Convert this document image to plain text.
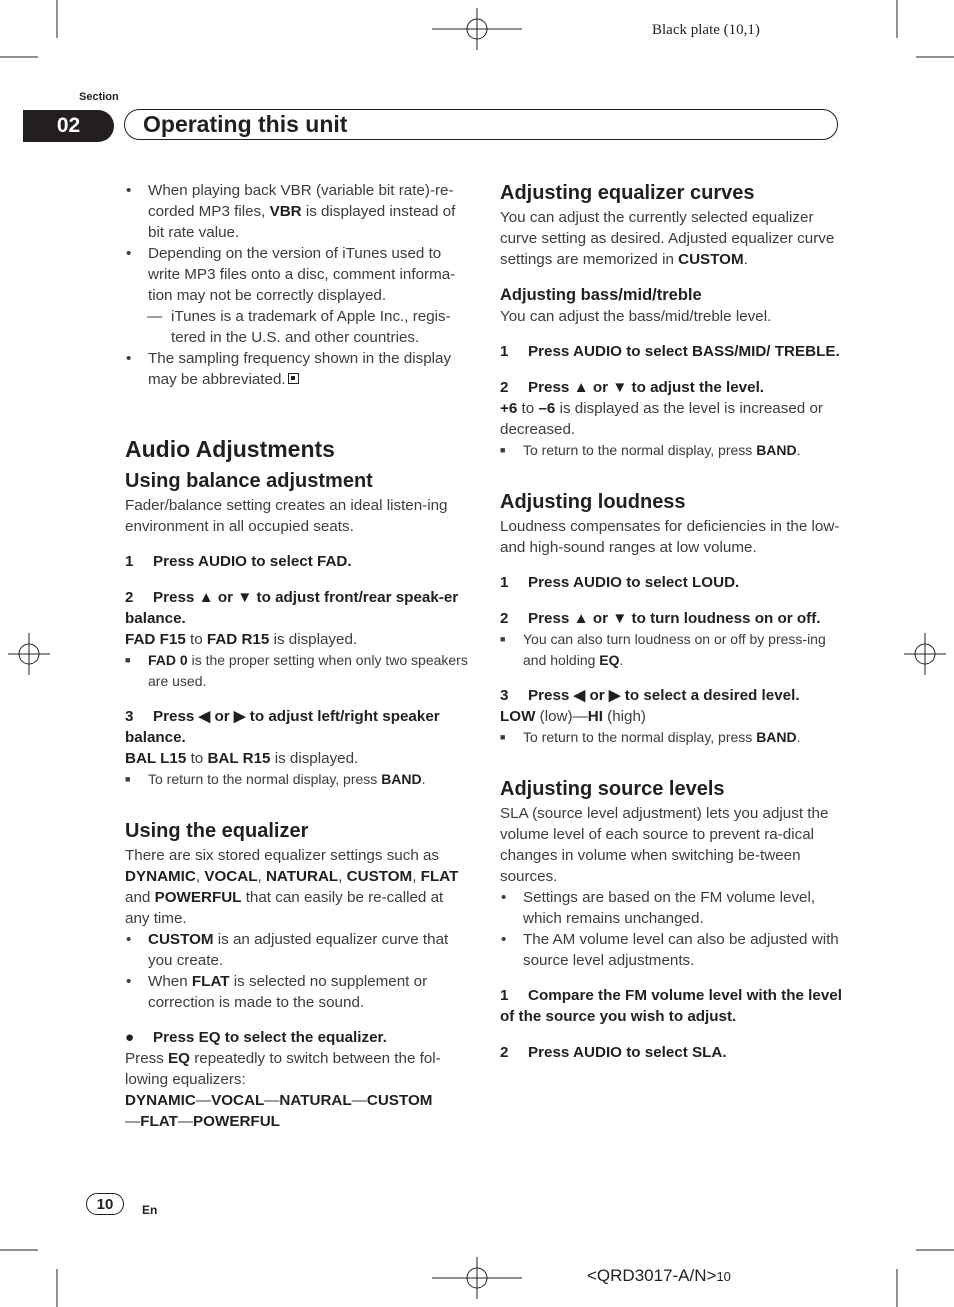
Black plate (10,1)
Section
02	Operating this unit

• When playing back VBR (variable bit rate)-re-corded MP3 files, VBR is displayed instead of bit rate value.

• Depending on the version of iTunes used to write MP3 files onto a disc, comment informa-tion may not be correctly displayed.

— iTunes is a trademark of Apple Inc., regis-tered in the U.S. and other countries.

• The sampling frequency shown in the display may be abbreviated.

Audio Adjustments
Using balance adjustment

Fader/balance setting creates an ideal listen-ing environment in all occupied seats.

1 Press AUDIO to select FAD.

2 Press ▲ or ▼ to adjust front/rear speak-er balance.

FAD F15 to FAD R15 is displayed.

■ FAD 0 is the proper setting when only two speakers are used.

3 Press ◀ or ▶ to adjust left/right speaker balance.

BAL L15 to BAL R15 is displayed.

■ To return to the normal display, press BAND.

Using the equalizer

There are six stored equalizer settings such as DYNAMIC, VOCAL, NATURAL, CUSTOM, FLAT and POWERFUL that can easily be re-called at any time.

• CUSTOM is an adjusted equalizer curve that you create.

• When FLAT is selected no supplement or correction is made to the sound.

● Press EQ to select the equalizer.

Press EQ repeatedly to switch between the fol-lowing equalizers:

DYNAMIC—VOCAL—NATURAL—CUSTOM
—FLAT—POWERFUL

Adjusting equalizer curves

You can adjust the currently selected equalizer curve setting as desired. Adjusted equalizer curve settings are memorized in CUSTOM.

Adjusting bass/mid/treble

You can adjust the bass/mid/treble level.

1 Press AUDIO to select BASS/MID/ TREBLE.

2 Press ▲ or ▼ to adjust the level.

+6 to –6 is displayed as the level is increased or decreased.

■ To return to the normal display, press BAND.

Adjusting loudness

Loudness compensates for deficiencies in the low- and high-sound ranges at low volume.

1 Press AUDIO to select LOUD.

2 Press ▲ or ▼ to turn loudness on or off.

■ You can also turn loudness on or off by press-ing and holding EQ.

3 Press ◀ or ▶ to select a desired level.

LOW (low)—HI (high)

■ To return to the normal display, press BAND.

Adjusting source levels

SLA (source level adjustment) lets you adjust the volume level of each source to prevent ra-dical changes in volume when switching be-tween sources.

• Settings are based on the FM volume level, which remains unchanged.

• The AM volume level can also be adjusted with source level adjustments.

1 Compare the FM volume level with the level of the source you wish to adjust.

2 Press AUDIO to select SLA.

10	En
<QRD3017-A/N>10
